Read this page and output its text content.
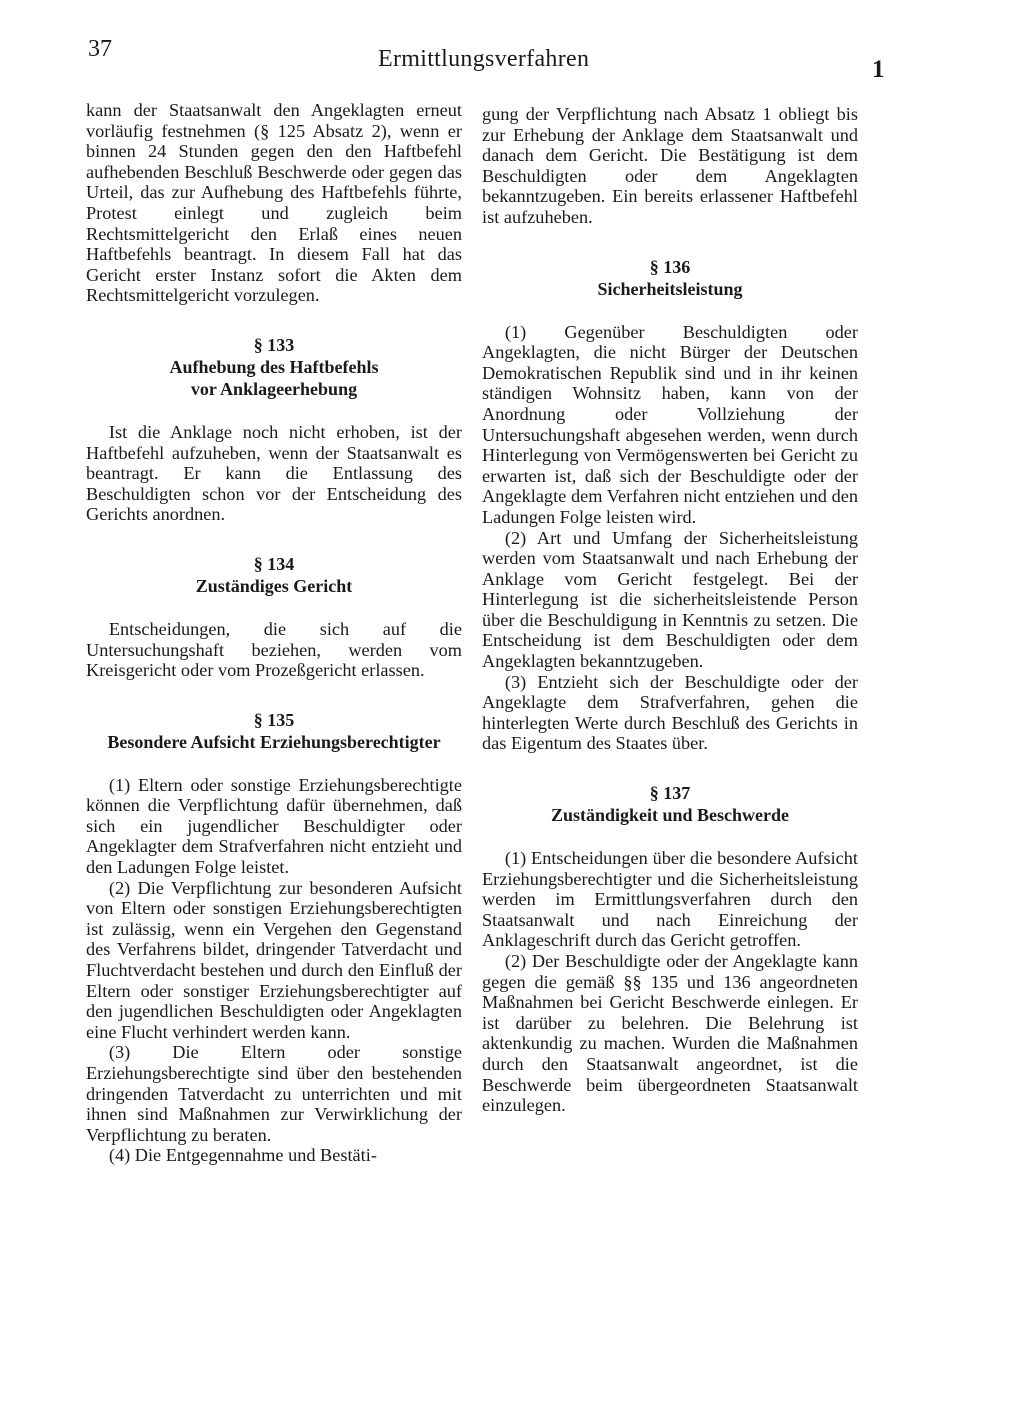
37	Ermittlungsverfahren	1

kann der Staatsanwalt den Angeklagten erneut vorläufig festnehmen (§ 125 Absatz 2), wenn er binnen 24 Stunden gegen den den Haftbefehl aufhebenden Beschluß Beschwerde oder gegen das Urteil, das zur Aufhebung des Haftbefehls führte, Protest einlegt und zugleich beim Rechtsmittelgericht den Erlaß eines neuen Haftbefehls beantragt. In diesem Fall hat das Gericht erster Instanz sofort die Akten dem Rechtsmittelgericht vorzulegen.

§ 133
Aufhebung des Haftbefehls
vor Anklageerhebung

Ist die Anklage noch nicht erhoben, ist der Haftbefehl aufzuheben, wenn der Staatsanwalt es beantragt. Er kann die Entlassung des Beschuldigten schon vor der Entscheidung des Gerichts anordnen.

§ 134
Zuständiges Gericht

Entscheidungen, die sich auf die Untersuchungshaft beziehen, werden vom Kreisgericht oder vom Prozeßgericht erlassen.

§ 135
Besondere Aufsicht Erziehungsberechtigter

(1) Eltern oder sonstige Erziehungsberechtigte können die Verpflichtung dafür übernehmen, daß sich ein jugendlicher Beschuldigter oder Angeklagter dem Strafverfahren nicht entzieht und den Ladungen Folge leistet.

(2) Die Verpflichtung zur besonderen Aufsicht von Eltern oder sonstigen Erziehungsberechtigten ist zulässig, wenn ein Vergehen den Gegenstand des Verfahrens bildet, dringender Tatverdacht und Fluchtverdacht bestehen und durch den Einfluß der Eltern oder sonstiger Erziehungsberechtigter auf den jugendlichen Beschuldigten oder Angeklagten eine Flucht verhindert werden kann.

(3) Die Eltern oder sonstige Erziehungsberechtigte sind über den bestehenden dringenden Tatverdacht zu unterrichten und mit ihnen sind Maßnahmen zur Verwirklichung der Verpflichtung zu beraten.

(4) Die Entgegennahme und Bestäti-

gung der Verpflichtung nach Absatz 1 obliegt bis zur Erhebung der Anklage dem Staatsanwalt und danach dem Gericht. Die Bestätigung ist dem Beschuldigten oder dem Angeklagten bekanntzugeben. Ein bereits erlassener Haftbefehl ist aufzuheben.

§ 136
Sicherheitsleistung

(1) Gegenüber Beschuldigten oder Angeklagten, die nicht Bürger der Deutschen Demokratischen Republik sind und in ihr keinen ständigen Wohnsitz haben, kann von der Anordnung oder Vollziehung der Untersuchungshaft abgesehen werden, wenn durch Hinterlegung von Vermögenswerten bei Gericht zu erwarten ist, daß sich der Beschuldigte oder der Angeklagte dem Verfahren nicht entziehen und den Ladungen Folge leisten wird.

(2) Art und Umfang der Sicherheitsleistung werden vom Staatsanwalt und nach Erhebung der Anklage vom Gericht festgelegt. Bei der Hinterlegung ist die sicherheitsleistende Person über die Beschuldigung in Kenntnis zu setzen. Die Entscheidung ist dem Beschuldigten oder dem Angeklagten bekanntzugeben.

(3) Entzieht sich der Beschuldigte oder der Angeklagte dem Strafverfahren, gehen die hinterlegten Werte durch Beschluß des Gerichts in das Eigentum des Staates über.

§ 137
Zuständigkeit und Beschwerde

(1) Entscheidungen über die besondere Aufsicht Erziehungsberechtigter und die Sicherheitsleistung werden im Ermittlungsverfahren durch den Staatsanwalt und nach Einreichung der Anklageschrift durch das Gericht getroffen.

(2) Der Beschuldigte oder der Angeklagte kann gegen die gemäß §§ 135 und 136 angeordneten Maßnahmen bei Gericht Beschwerde einlegen. Er ist darüber zu belehren. Die Belehrung ist aktenkundig zu machen. Wurden die Maßnahmen durch den Staatsanwalt angeordnet, ist die Beschwerde beim übergeordneten Staatsanwalt einzulegen.
